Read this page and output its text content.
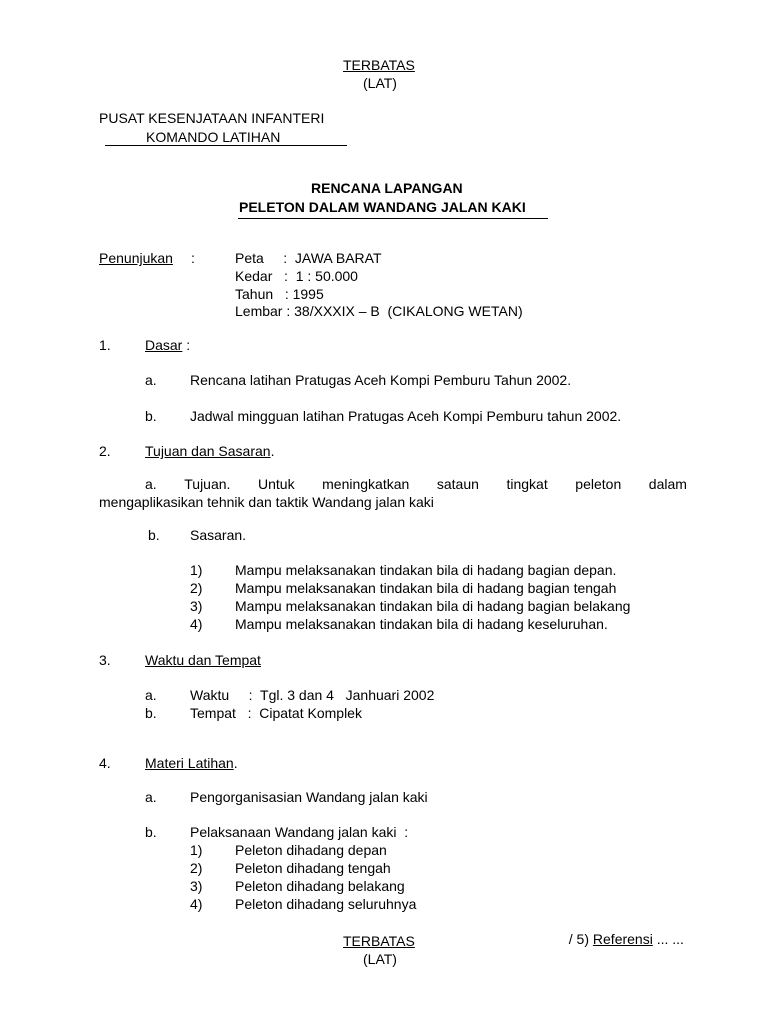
TERBATAS
(LAT)
PUSAT KESENJATAAN INFANTERI
KOMANDO LATIHAN
RENCANA LAPANGAN
PELETON DALAM WANDANG JALAN KAKI
Penunjukan :	Peta     :  JAWA BARAT
Kedar   :  1 : 50.000
Tahun   : 1995
Lembar : 38/XXXIX – B  (CIKALONG WETAN)
1. Dasar :
a. Rencana latihan Pratugas Aceh Kompi Pemburu Tahun 2002.
b. Jadwal mingguan latihan Pratugas Aceh Kompi Pemburu tahun 2002.
2. Tujuan dan Sasaran.
a. Tujuan. Untuk meningkatkan sataun tingkat peleton dalam
mengaplikasikan tehnik dan taktik Wandang jalan kaki
b. Sasaran.
1) Mampu melaksanakan tindakan bila di hadang bagian depan.
2) Mampu melaksanakan tindakan bila di hadang bagian tengah
3) Mampu melaksanakan tindakan bila di hadang bagian belakang
4) Mampu melaksanakan tindakan bila di hadang keseluruhan.
3. Waktu dan Tempat
a. Waktu     :  Tgl. 3 dan 4   Janhuari 2002
b. Tempat   :  Cipatat Komplek
4. Materi Latihan.
a. Pengorganisasian Wandang jalan kaki
b. Pelaksanaan Wandang jalan kaki  :
1) Peleton dihadang depan
2) Peleton dihadang tengah
3) Peleton dihadang belakang
4) Peleton dihadang seluruhnya

/ 5) Referensi ... ...

TERBATAS
(LAT)
